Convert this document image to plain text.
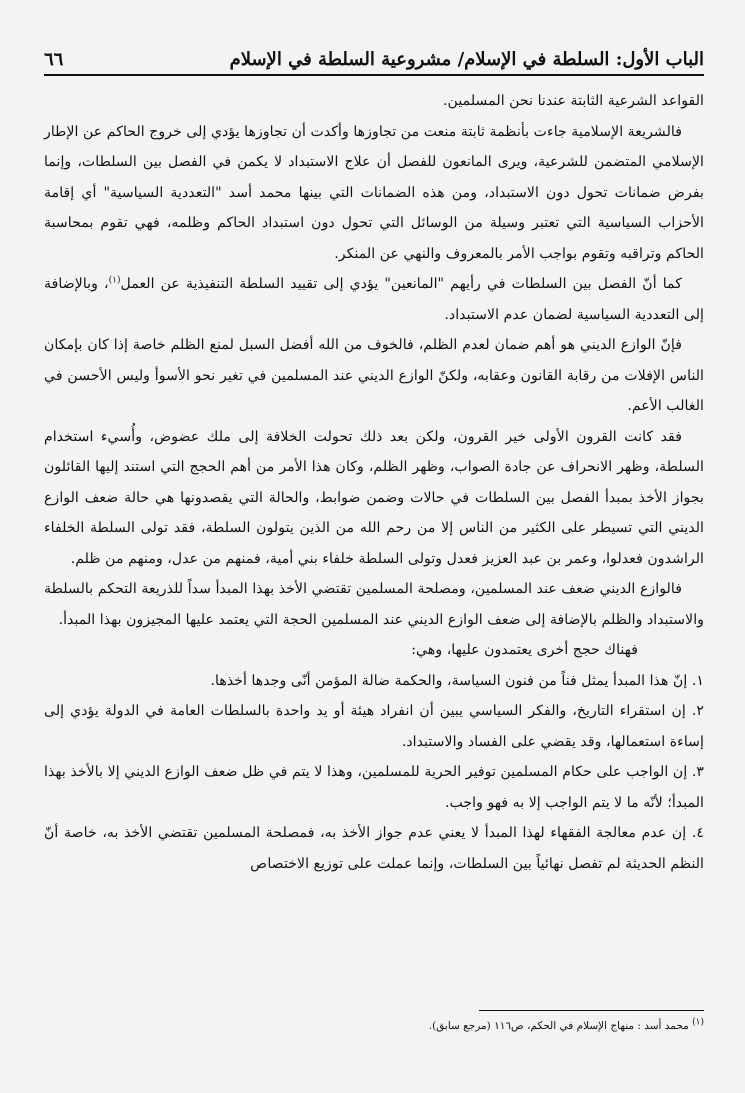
الباب الأول: السلطة في الإسلام/ مشروعية السلطة في الإسلام
٦٦

القواعد الشرعية الثابتة عندنا نحن المسلمين.

فالشريعة الإسلامية جاءت بأنظمة ثابتة منعت من تجاوزها وأكدت أن تجاوزها يؤدي إلى خروج الحاكم عن الإطار الإسلامي المتضمن للشرعية، ويرى المانعون للفصل أن علاج الاستبداد لا يكمن في الفصل بين السلطات، وإنما بفرض ضمانات تحول دون الاستبداد، ومن هذه الضمانات التي بينها محمد أسد "التعددية السياسية" أي إقامة الأحزاب السياسية التي تعتبر وسيلة من الوسائل التي تحول دون استبداد الحاكم وظلمه، فهي تقوم بمحاسبة الحاكم وتراقبه وتقوم بواجب الأمر بالمعروف والنهي عن المنكر.

كما أنّ الفصل بين السلطات في رأيهم "المانعين" يؤدي إلى تقييد السلطة التنفيذية عن العمل$^{(١)}$، وبالإضافة إلى التعددية السياسية لضمان عدم الاستبداد.

فإنّ الوازع الديني هو أهم ضمان لعدم الظلم، فالخوف من الله أفضل السبل لمنع الظلم خاصة إذا كان بإمكان الناس الإفلات من رقابة القانون وعقابه، ولكنّ الوازع الديني عند المسلمين في تغير نحو الأسوأ وليس الأحسن في الغالب الأعم.

فقد كانت القرون الأولى خير القرون، ولكن بعد ذلك تحولت الخلافة إلى ملك عضوض، وأُسيء استخدام السلطة، وظهر الانحراف عن جادة الصواب، وظهر الظلم، وكان هذا الأمر من أهم الحجج التي استند إليها القائلون بجواز الأخذ بمبدأ الفصل بين السلطات في حالات وضمن ضوابط، والحالة التي يقصدونها هي حالة ضعف الوازع الديني التي تسيطر على الكثير من الناس إلا من رحم الله من الذين يتولون السلطة، فقد تولى السلطة الخلفاء الراشدون فعدلوا، وعمر بن عبد العزيز فعدل وتولى السلطة خلفاء بني أمية، فمنهم من عدل، ومنهم من ظلم.

فالوازع الديني ضعف عند المسلمين، ومصلحة المسلمين تقتضي الأخذ بهذا المبدأ سداً للذريعة التحكم بالسلطة والاستبداد والظلم بالإضافة إلى ضعف الوازع الديني عند المسلمين الحجة التي يعتمد عليها المجيزون بهذا المبدأ.

فهناك حجج أخرى يعتمدون عليها، وهي:

١. إنّ هذا المبدأ يمثل فناً من فنون السياسة، والحكمة ضالة المؤمن أنّى وجدها أخذها.

٢. إن استقراء التاريخ، والفكر السياسي يبين أن انفراد هيئة أو يد واحدة بالسلطات العامة في الدولة يؤدي إلى إساءة استعمالها، وقد يقضي على الفساد والاستبداد.

٣. إن الواجب على حكام المسلمين توفير الحرية للمسلمين، وهذا لا يتم في ظل ضعف الوازع الديني إلا بالأخذ بهذا المبدأ؛ لأنّه ما لا يتم الواجب إلا به فهو واجب.

٤. إن عدم معالجة الفقهاء لهذا المبدأ لا يعني عدم جواز الأخذ به، فمصلحة المسلمين تقتضي الأخذ به، خاصة أنّ النظم الحديثة لم تفصل نهائياً بين السلطات، وإنما عملت على توزيع الاختصاص

(١) محمد أسد : منهاج الإسلام في الحكم، ص١١٦ (مرجع سابق).
